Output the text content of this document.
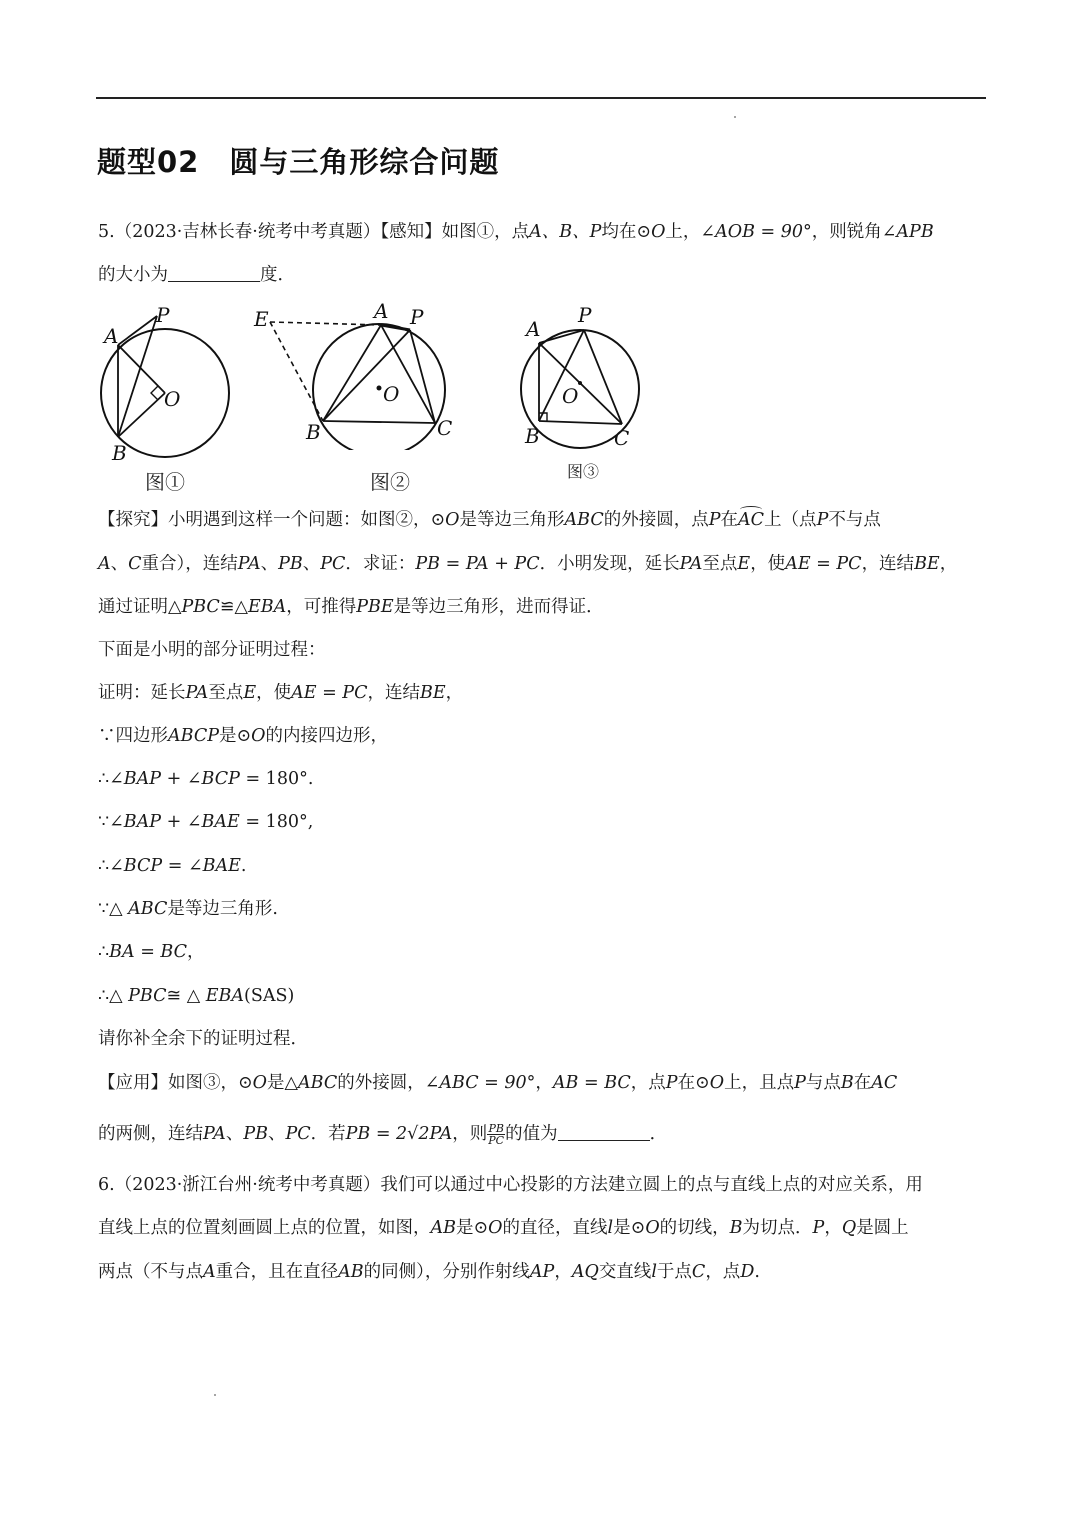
题型02　圆与三角形综合问题

5.（2023·吉林长春·统考中考真题）【感知】如图①，点A、B、P均在⊙O上，∠AOB = 90°，则锐角∠APB

的大小为	度．

A
P
O
B
图①
E	A P
O
B	C
图②
A
P
O
B	C
图③

【探究】小明遇到这样一个问题：如图②，⊙O是等边三角形ABC的外接圆，点P在AC上（点P不与点

A、C重合），连结PA、PB、PC．求证：PB = PA + PC．小明发现，延长PA至点E，使AE = PC，连结BE，

通过证明△PBC≌△EBA，可推得PBE是等边三角形，进而得证．

下面是小明的部分证明过程：

证明：延长PA至点E，使AE = PC，连结BE，

∵四边形ABCP是⊙O的内接四边形，

∴∠BAP + ∠BCP = 180°.

∵∠BAP + ∠BAE = 180°,

∴∠BCP = ∠BAE.

∵△ ABC是等边三角形.

∴BA = BC，

∴△ PBC≅ △ EBA(SAS)

请你补全余下的证明过程．

【应用】如图③，⊙O是△ABC的外接圆，∠ABC = 90°，AB = BC，点P在⊙O上，且点P与点B在AC

的两侧，连结PA、PB、PC．若PB = 2√2PA，则 $\frac{PB}{PC}$ 的值为	．

6.（2023·浙江台州·统考中考真题）我们可以通过中心投影的方法建立圆上的点与直线上点的对应关系，用

直线上点的位置刻画圆上点的位置，如图，AB是⊙O的直径，直线l是⊙O的切线，B为切点．P，Q是圆上

两点（不与点A重合，且在直径AB的同侧），分别作射线AP，AQ交直线l于点C，点D.
